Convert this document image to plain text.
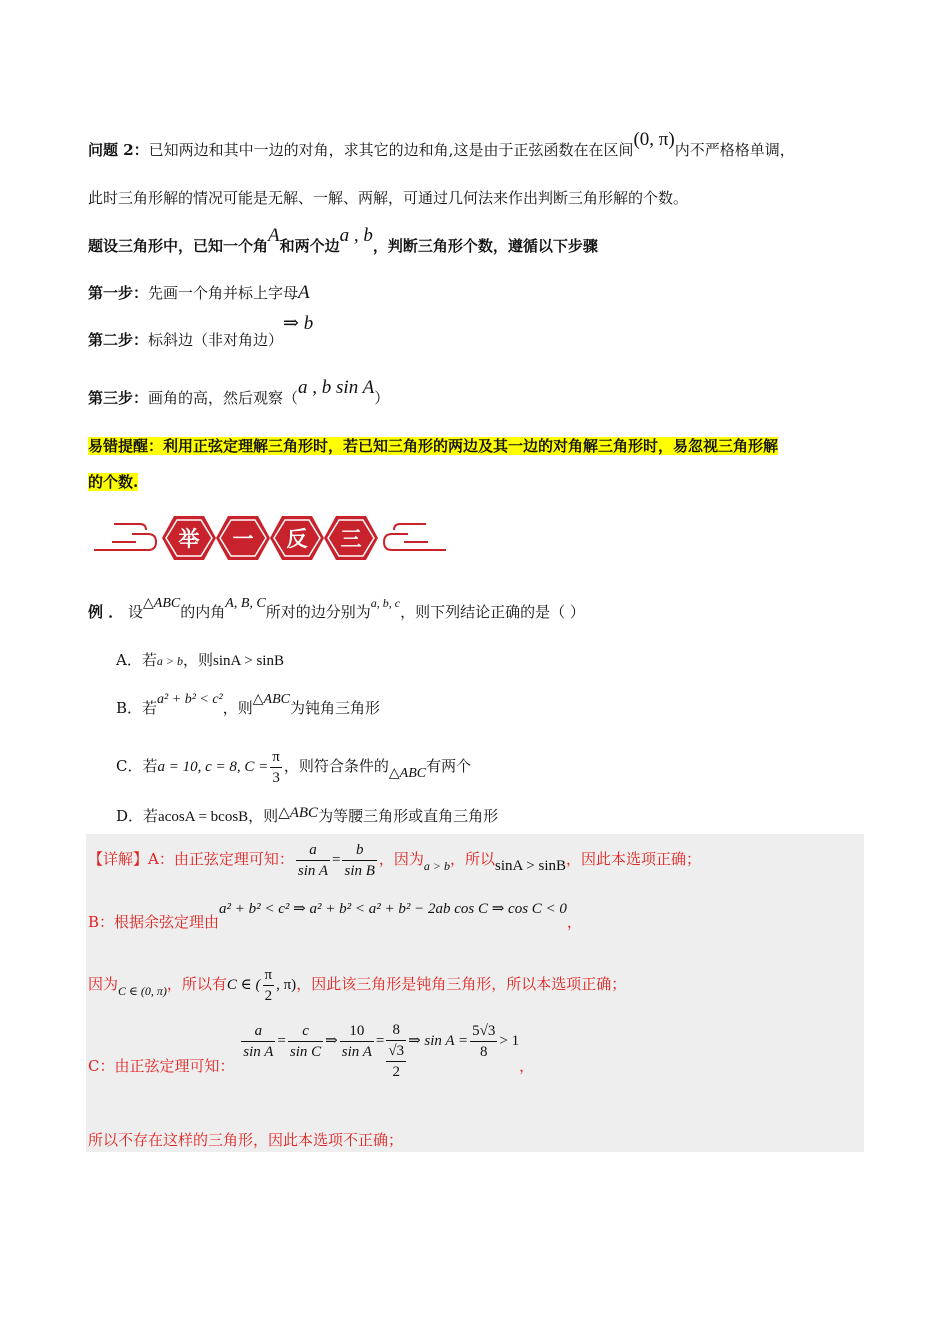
问题 2：已知两边和其中一边的对角，求其它的边和角,这是由于正弦函数在在区间(0, π)内不严格格单调，
此时三角形解的情况可能是无解、一解、两解，可通过几何法来作出判断三角形解的个数。
题设三角形中，已知一个角A和两个边a , b，判断三角形个数，遵循以下步骤
第一步：先画一个角并标上字母A
第二步：标斜边（非对角边）⇒ b
第三步：画角的高，然后观察（a , b sin A）
易错提醒：利用正弦定理解三角形时，若已知三角形的两边及其一边的对角解三角形时，易忽视三角形解
的个数.
举 一 反 三
例 ． 设△ABC的内角A, B, C所对的边分别为$^{a, b, c}$，则下列结论正确的是（ ）
A．若a > b，则sinA > sinB
B．若a² + b² < c²，则△ABC为钝角三角形
C．若a = 10, c = 8, $C = \frac{\pi}{3}$ ，则符合条件的△ABC有两个
D．若acosA = bcosB，则△ABC为等腰三角形或直角三角形
【详解】A：由正弦定理可知： $\frac{a}{\text{sin A}} = \frac{b}{\text{sin B}}$ ，因为$_{a > b}$，所以sinA > sinB，因此本选项正确；
B：根据余弦定理由a² + b² < c² ⇒ a² + b² < a² + b² − 2ab cos C ⇒ cos C < 0，
因为$_{C \in (0, \pi)}$，所以有C ∈ ( $\frac{\pi}{2}$ , π)，因此该三角形是钝角三角形，所以本选项正确；
C：由正弦定理可知：
$\frac{a}{\text{sin A}} = \frac{c}{\text{sin C}}$ ⇒ $\frac{10}{\text{sin A}}$ =
8
√3
2
⇒ $\sin A = \frac{5√3}{8} > 1$，
所以不存在这样的三角形，因此本选项不正确；
